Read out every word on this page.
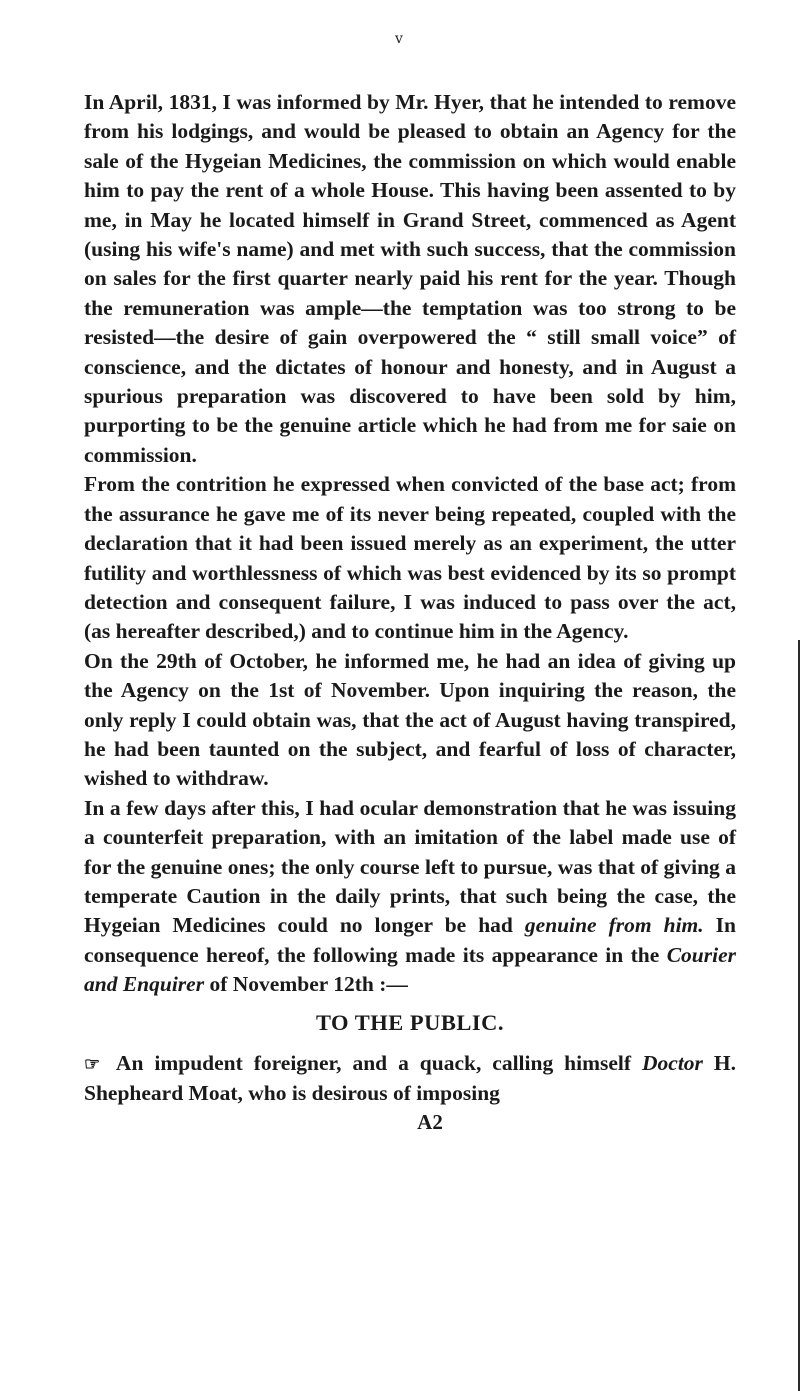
v

In April, 1831, I was informed by Mr. Hyer, that he intended to remove from his lodgings, and would be pleased to obtain an Agency for the sale of the Hygeian Medicines, the commission on which would enable him to pay the rent of a whole House. This having been assented to by me, in May he located himself in Grand Street, commenced as Agent (using his wife's name) and met with such success, that the commission on sales for the first quarter nearly paid his rent for the year. Though the remuneration was ample—the temptation was too strong to be resisted—the desire of gain overpowered the “ still small voice” of conscience, and the dictates of honour and honesty, and in August a spurious preparation was discovered to have been sold by him, purporting to be the genuine article which he had from me for saie on commission.

From the contrition he expressed when convicted of the base act; from the assurance he gave me of its never being repeated, coupled with the declaration that it had been issued merely as an experiment, the utter futility and worthlessness of which was best evidenced by its so prompt detection and consequent failure, I was induced to pass over the act, (as hereafter described,) and to continue him in the Agency.

On the 29th of October, he informed me, he had an idea of giving up the Agency on the 1st of November. Upon inquiring the reason, the only reply I could obtain was, that the act of August having transpired, he had been taunted on the subject, and fearful of loss of character, wished to withdraw.

In a few days after this, I had ocular demonstration that he was issuing a counterfeit preparation, with an imitation of the label made use of for the genuine ones; the only course left to pursue, was that of giving a temperate Caution in the daily prints, that such being the case, the Hygeian Medicines could no longer be had genuine from him. In consequence hereof, the following made its appearance in the Courier and Enquirer of November 12th :—

TO THE PUBLIC.

☞ An impudent foreigner, and a quack, calling himself Doctor H. Shepheard Moat, who is desirous of imposing

A2
